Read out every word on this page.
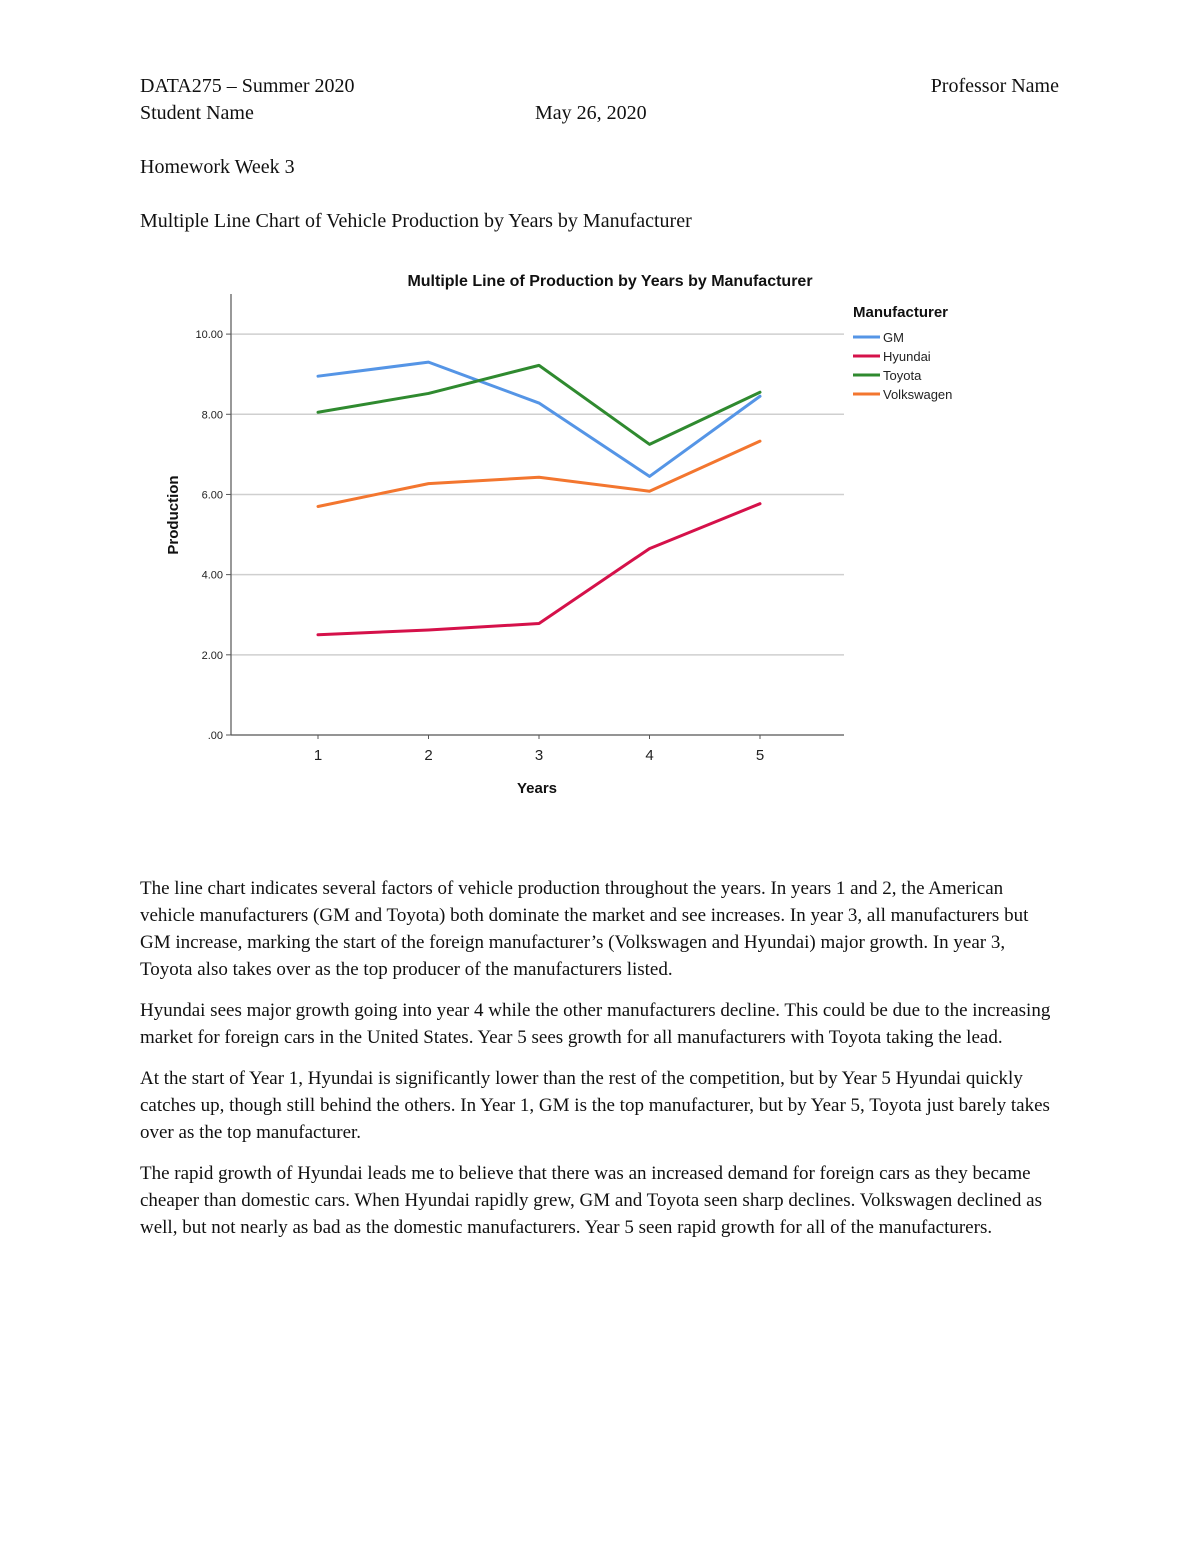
DATA275 – Summer 2020	Professor Name
Student Name	May 26, 2020
Homework Week 3
Multiple Line Chart of Vehicle Production by Years by Manufacturer
Multiple Line of Production by Years by Manufacturer
.00
2.00
4.00
6.00
8.00
10.00
1	2	3	4	5
Years
Production
Manufacturer
GM
Hyundai
Toyota
Volkswagen

The line chart indicates several factors of vehicle production throughout the years. In years 1 and 2, the American vehicle manufacturers (GM and Toyota) both dominate the market and see increases. In year 3, all manufacturers but GM increase, marking the start of the foreign manufacturer’s (Volkswagen and Hyundai) major growth. In year 3, Toyota also takes over as the top producer of the manufacturers listed.

Hyundai sees major growth going into year 4 while the other manufacturers decline. This could be due to the increasing market for foreign cars in the United States. Year 5 sees growth for all manufacturers with Toyota taking the lead.

At the start of Year 1, Hyundai is significantly lower than the rest of the competition, but by Year 5 Hyundai quickly catches up, though still behind the others. In Year 1, GM is the top manufacturer, but by Year 5, Toyota just barely takes over as the top manufacturer.

The rapid growth of Hyundai leads me to believe that there was an increased demand for foreign cars as they became cheaper than domestic cars. When Hyundai rapidly grew, GM and Toyota seen sharp declines. Volkswagen declined as well, but not nearly as bad as the domestic manufacturers. Year 5 seen rapid growth for all of the manufacturers.
